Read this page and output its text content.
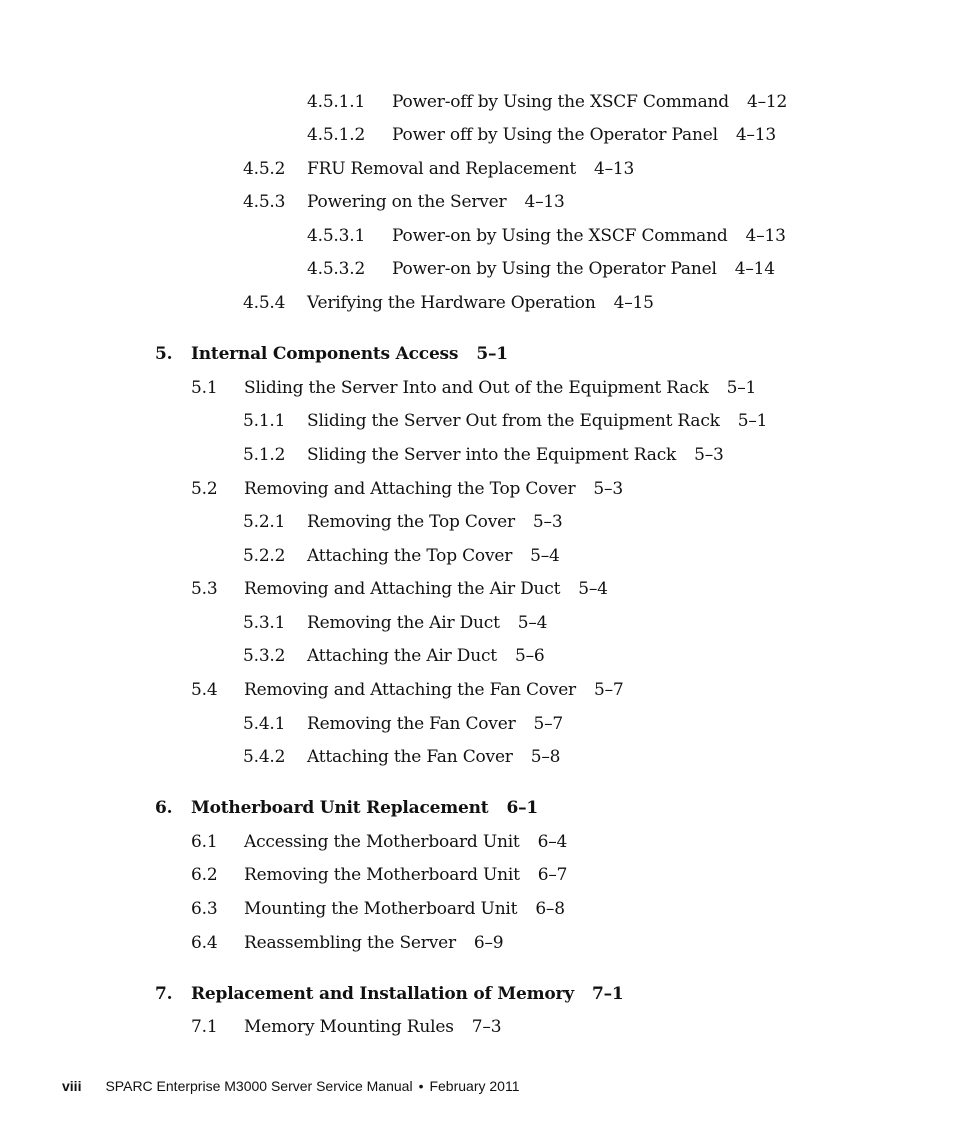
4.5.1.1 Power-off by Using the XSCF Command 4–12
4.5.1.2 Power off by Using the Operator Panel 4–13
4.5.2 FRU Removal and Replacement 4–13
4.5.3 Powering on the Server 4–13
4.5.3.1 Power-on by Using the XSCF Command 4–13
4.5.3.2 Power-on by Using the Operator Panel 4–14
4.5.4 Verifying the Hardware Operation 4–15
5. Internal Components Access 5–1
5.1 Sliding the Server Into and Out of the Equipment Rack 5–1
5.1.1 Sliding the Server Out from the Equipment Rack 5–1
5.1.2 Sliding the Server into the Equipment Rack 5–3
5.2 Removing and Attaching the Top Cover 5–3
5.2.1 Removing the Top Cover 5–3
5.2.2 Attaching the Top Cover 5–4
5.3 Removing and Attaching the Air Duct 5–4
5.3.1 Removing the Air Duct 5–4
5.3.2 Attaching the Air Duct 5–6
5.4 Removing and Attaching the Fan Cover 5–7
5.4.1 Removing the Fan Cover 5–7
5.4.2 Attaching the Fan Cover 5–8
6. Motherboard Unit Replacement 6–1
6.1 Accessing the Motherboard Unit 6–4
6.2 Removing the Motherboard Unit 6–7
6.3 Mounting the Motherboard Unit 6–8
6.4 Reassembling the Server 6–9
7. Replacement and Installation of Memory 7–1
7.1 Memory Mounting Rules 7–3
viii SPARC Enterprise M3000 Server Service Manual • February 2011
